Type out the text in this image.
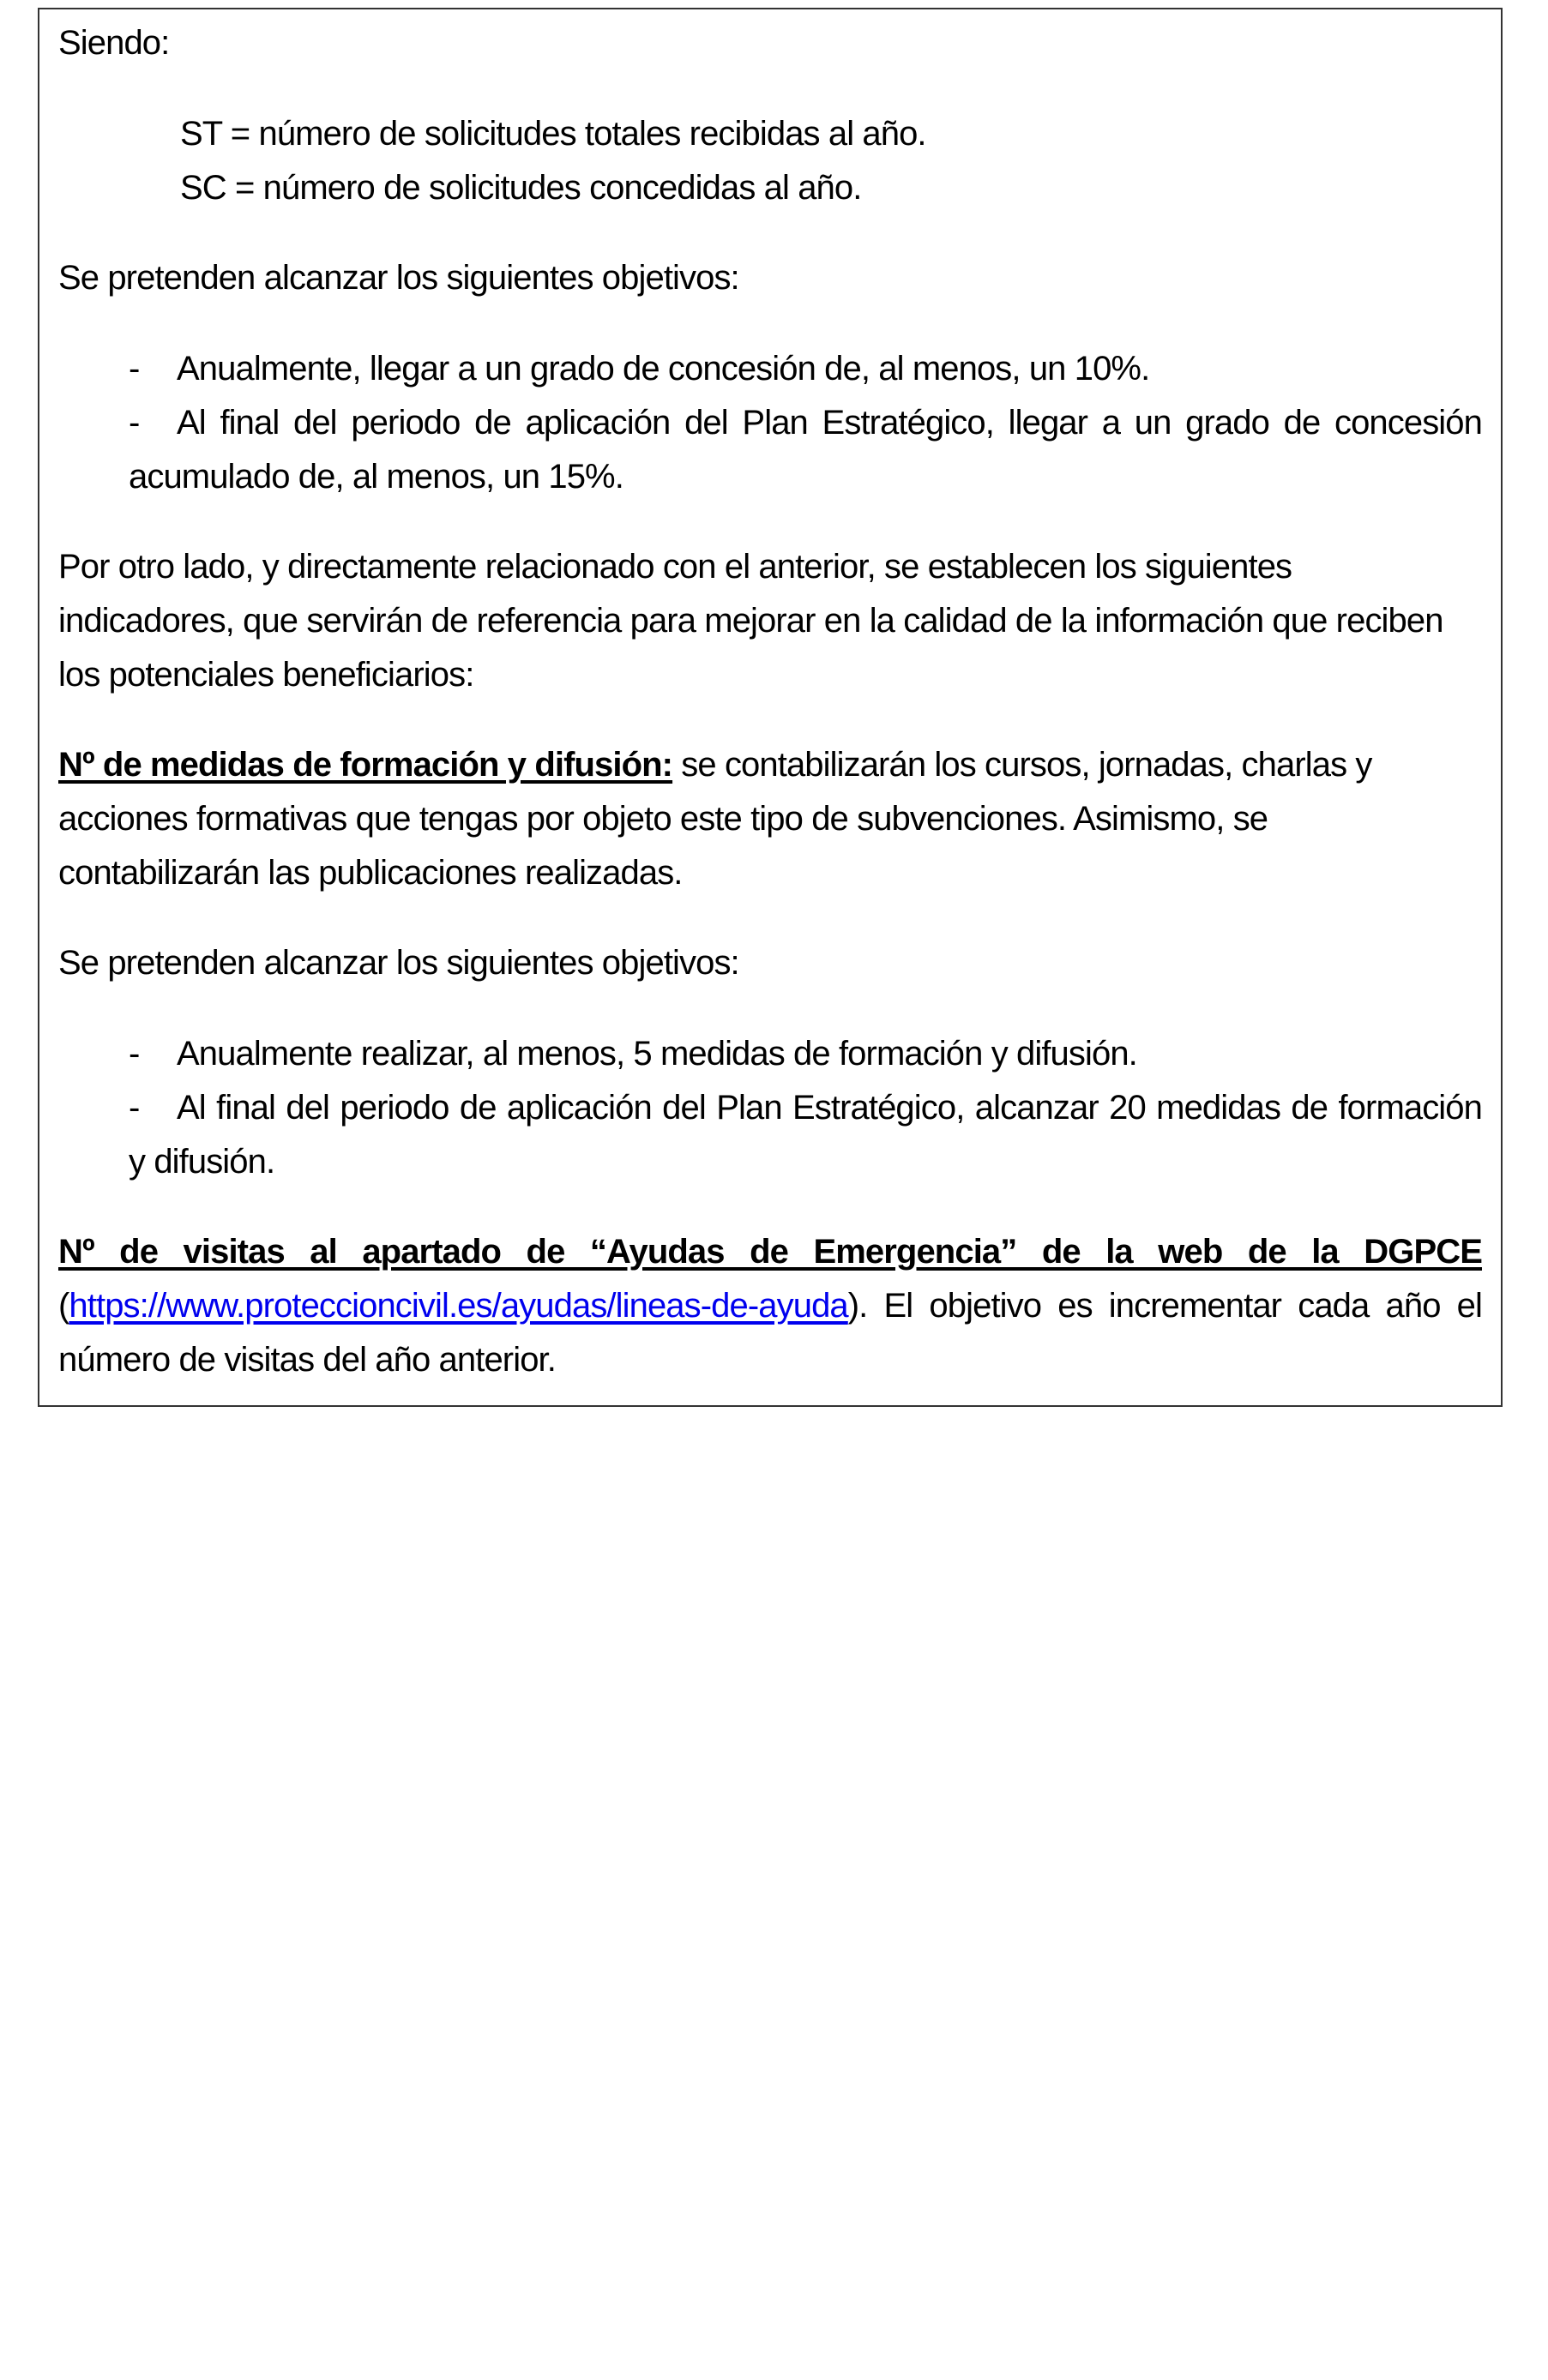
Siendo:
ST = número de solicitudes totales recibidas al año.
SC = número de solicitudes concedidas al año.
Se pretenden alcanzar los siguientes objetivos:
- Anualmente, llegar a un grado de concesión de, al menos, un 10%.
- Al final del periodo de aplicación del Plan Estratégico, llegar a un grado de concesión
acumulado de, al menos, un 15%.
Por otro lado, y directamente relacionado con el anterior, se establecen los siguientes
indicadores, que servirán de referencia para mejorar en la calidad de la información que reciben
los potenciales beneficiarios:
Nº de medidas de formación y difusión: se contabilizarán los cursos, jornadas, charlas y
acciones formativas que tengas por objeto este tipo de subvenciones. Asimismo, se
contabilizarán las publicaciones realizadas.
Se pretenden alcanzar los siguientes objetivos:
- Anualmente realizar, al menos, 5 medidas de formación y difusión.
- Al final del periodo de aplicación del Plan Estratégico, alcanzar 20 medidas de formación
y difusión.
Nº de visitas al apartado de “Ayudas de Emergencia” de la web de la DGPCE
(https://www.proteccioncivil.es/ayudas/lineas-de-ayuda). El objetivo es incrementar cada año el
número de visitas del año anterior.
